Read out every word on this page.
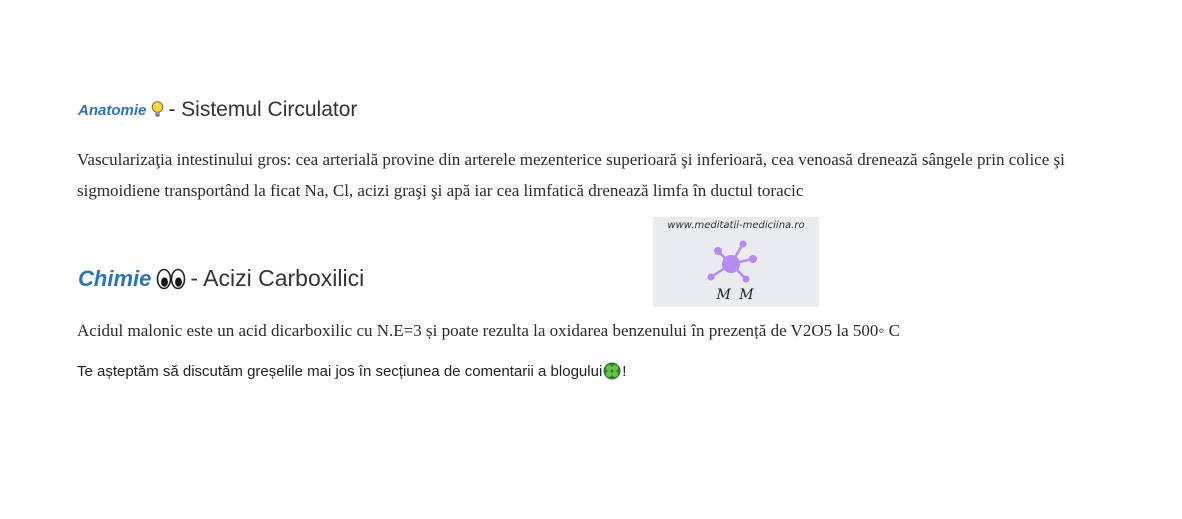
Anatomie - Sistemul Circulator

Vascularizaţia intestinului gros: cea arterială provine din arterele mezenterice superioară şi inferioară, cea venoasă drenează sângele prin colice şi sigmoidiene transportând la ficat Na, Cl, acizi graşi şi apă iar cea limfatică drenează limfa în ductul toracic

Chimie - Acizi Carboxilici
www.meditatii-mediciina.ro
M M

Acidul malonic este un acid dicarboxilic cu N.E=3 și poate rezulta la oxidarea benzenului în prezență de V2O5 la 500◦ C

Te așteptăm să discutăm greșelile mai jos în secțiunea de comentarii a blogului !
